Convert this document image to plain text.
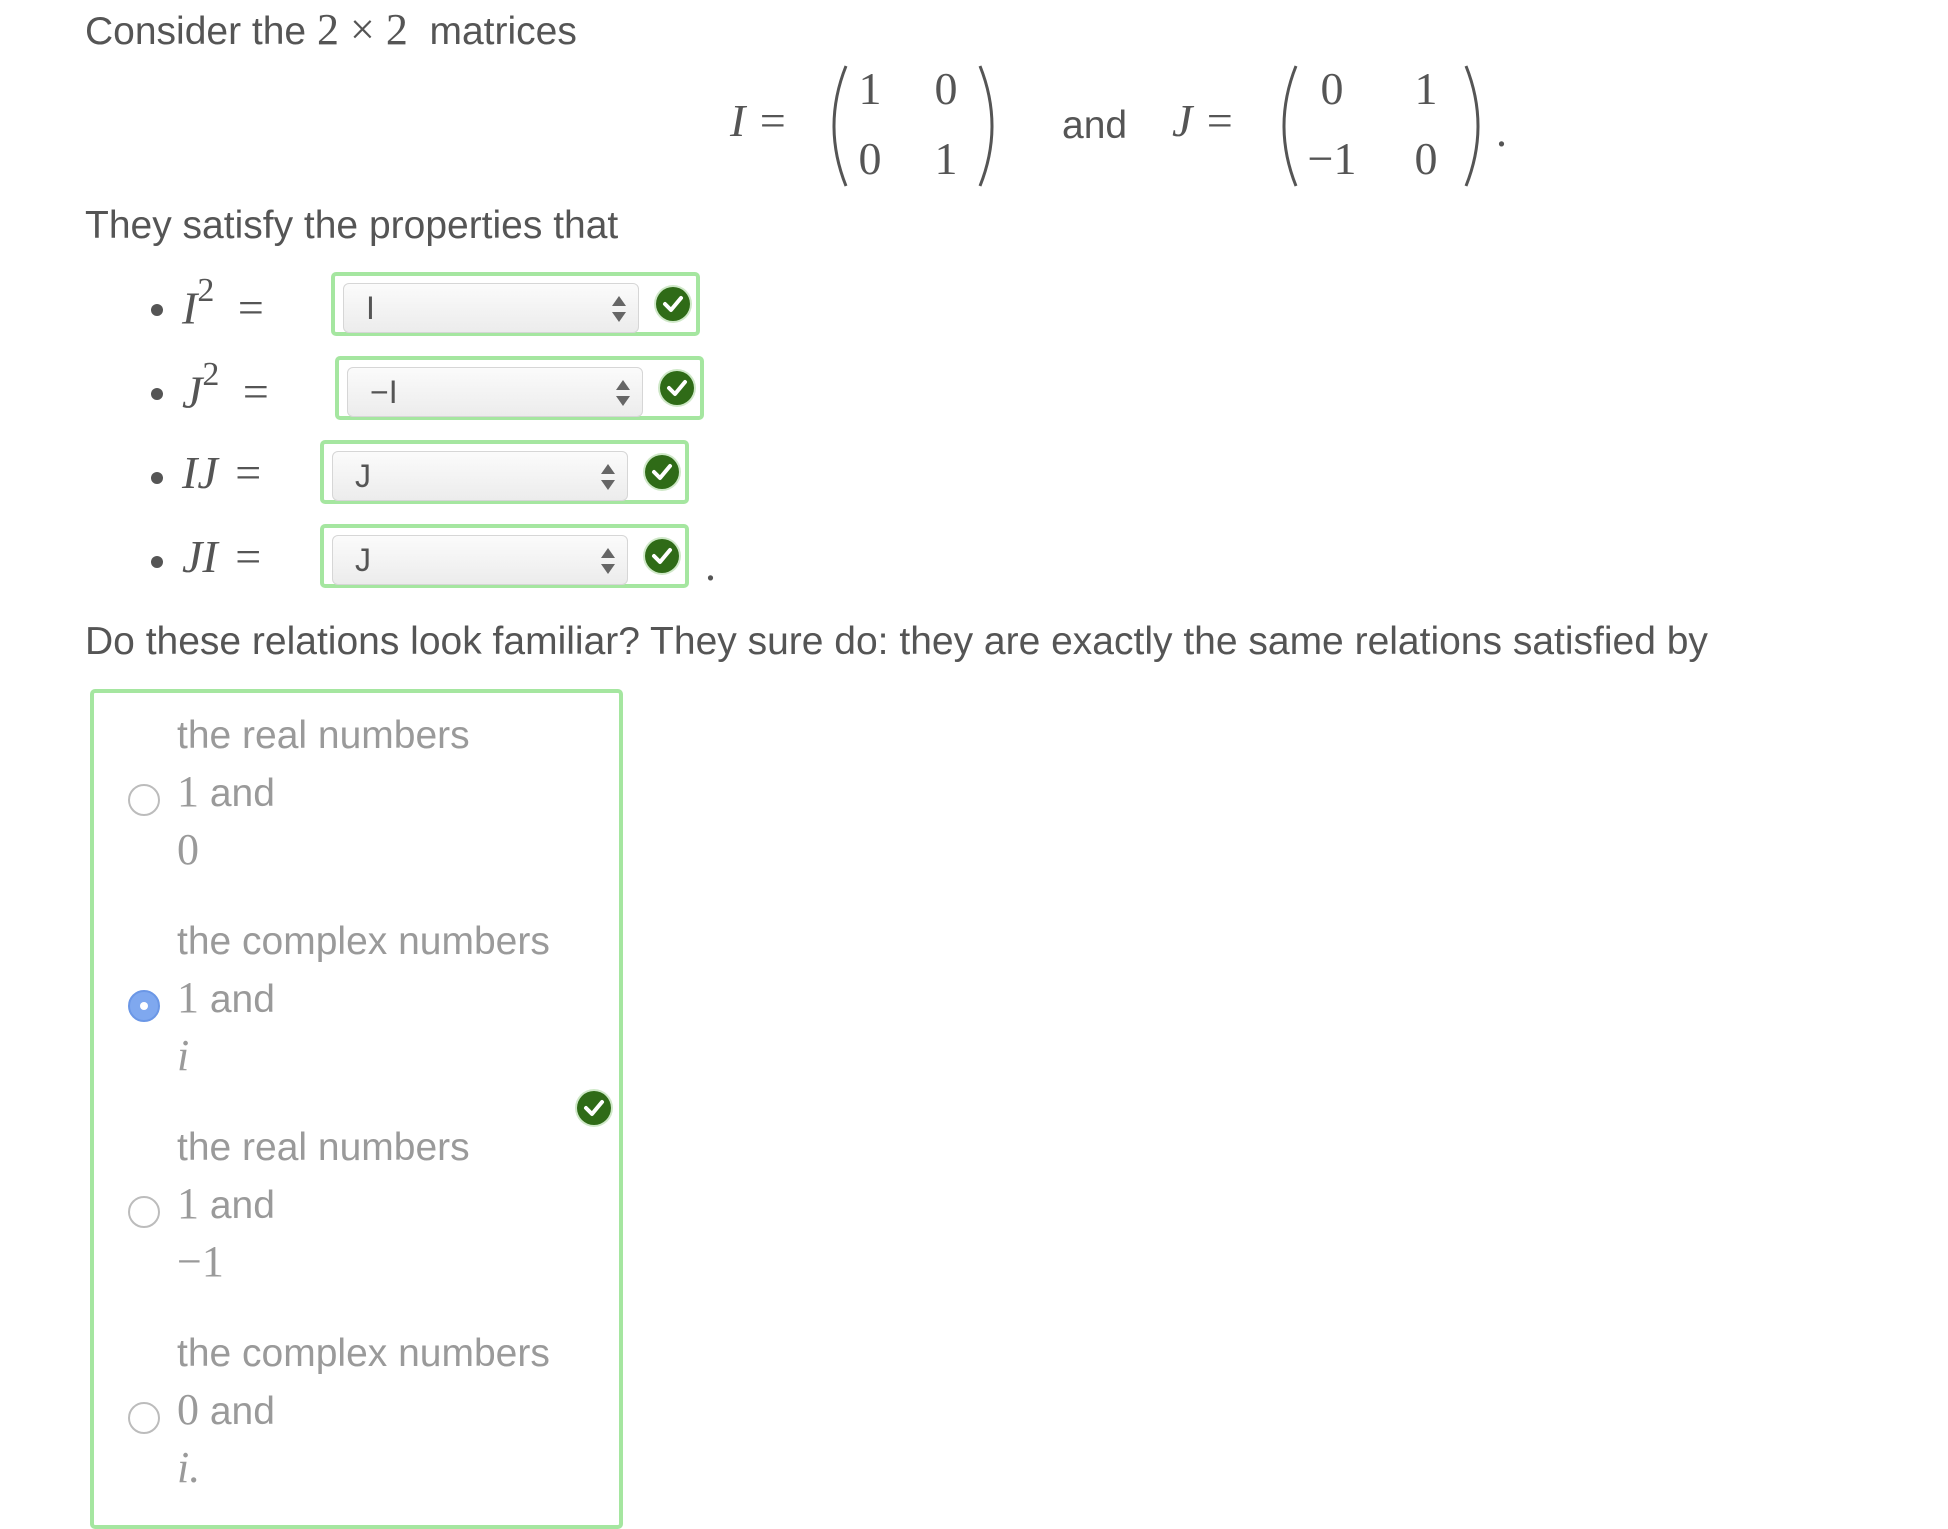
Consider the 2 × 2 matrices
I =
1	0
0	1
and J =
0	1
−1	0
.
They satisfy the properties that
$I^2$ =	I
$J^2$ =	−I
IJ =	J
JI =	J	.
Do these relations look familiar? They sure do: they are exactly the same relations satisfied by
the real numbers
1 and
0
the complex numbers
1 and
i
the real numbers
1 and
−1
the complex numbers
0 and
i.
